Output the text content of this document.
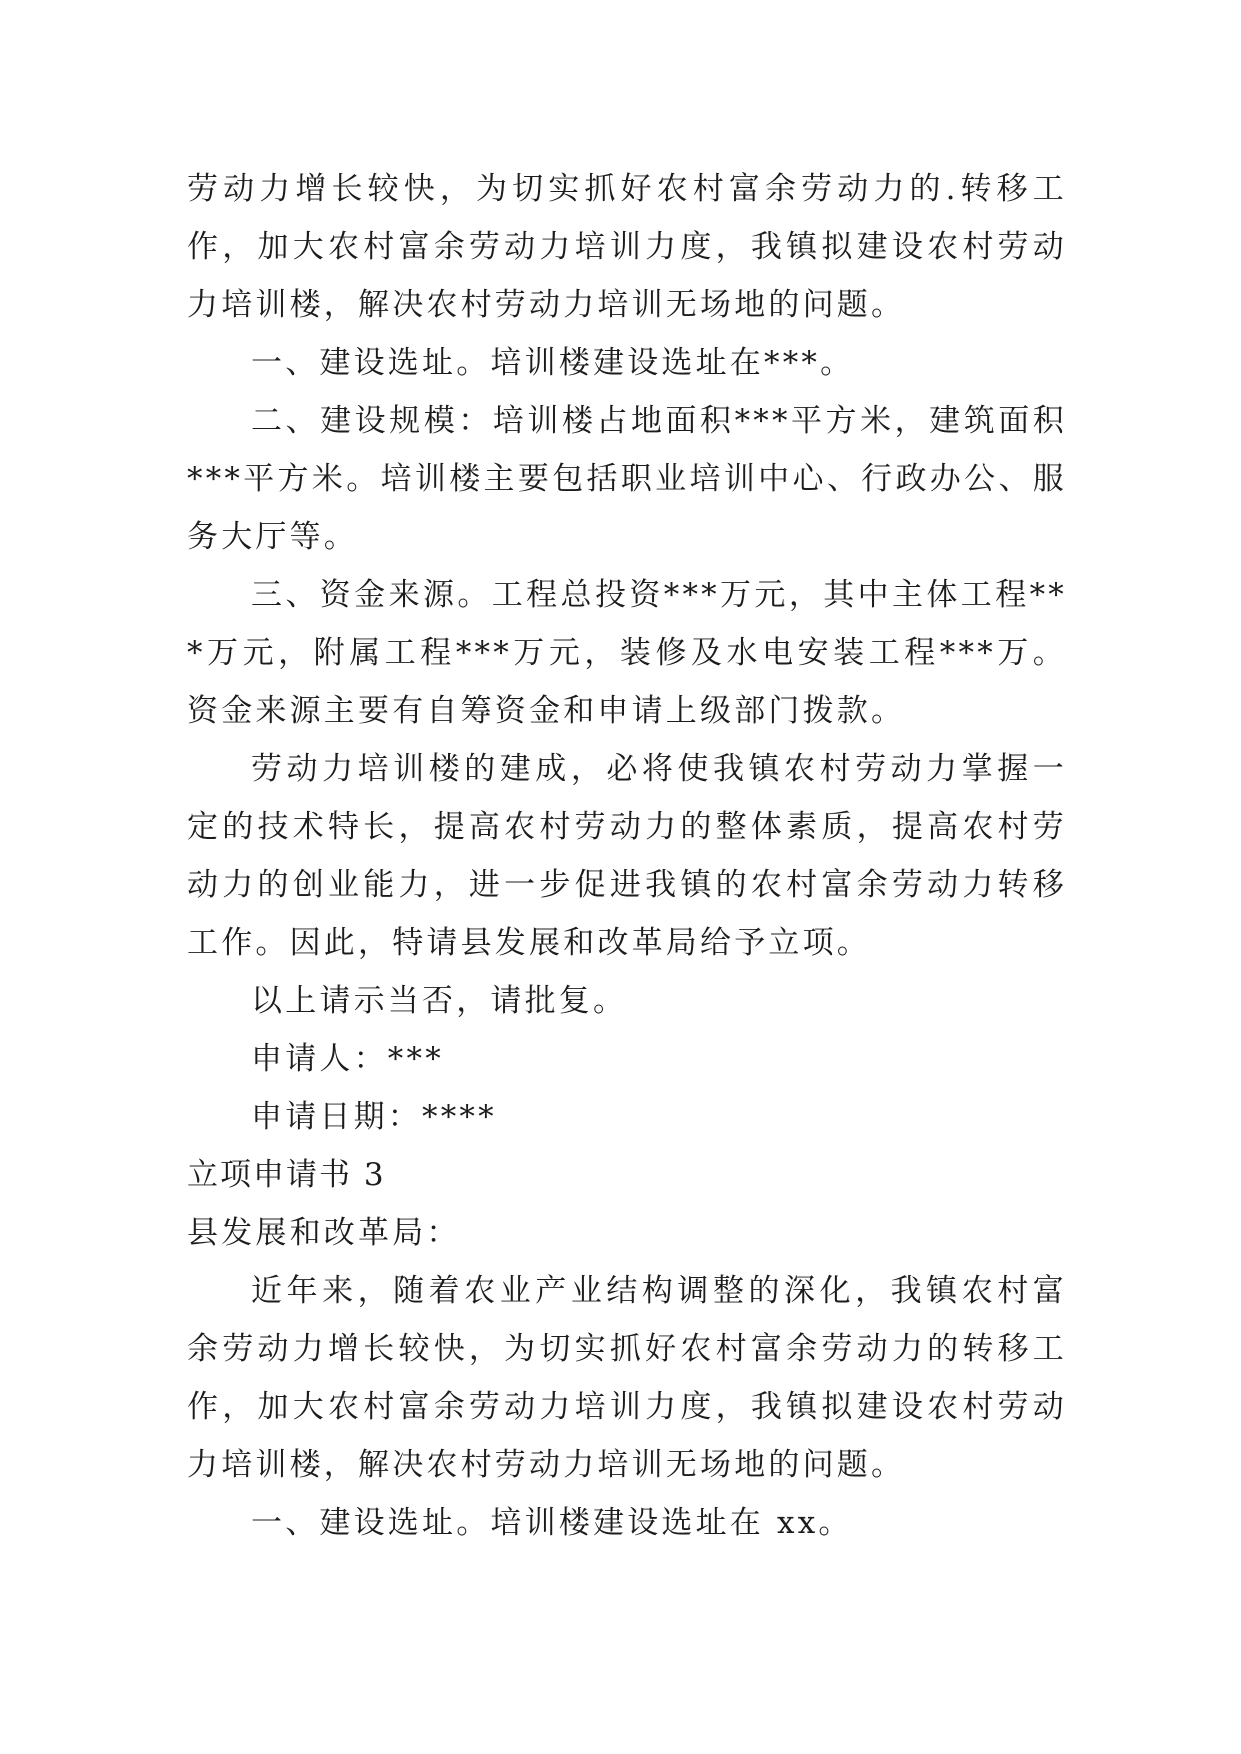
劳动力增长较快，为切实抓好农村富余劳动力的.转移工作，加大农村富余劳动力培训力度，我镇拟建设农村劳动力培训楼，解决农村劳动力培训无场地的问题。

一、建设选址。培训楼建设选址在***。

二、建设规模：培训楼占地面积***平方米，建筑面积***平方米。培训楼主要包括职业培训中心、行政办公、服务大厅等。

三、资金来源。工程总投资***万元，其中主体工程***万元，附属工程***万元，装修及水电安装工程***万。资金来源主要有自筹资金和申请上级部门拨款。

劳动力培训楼的建成，必将使我镇农村劳动力掌握一定的技术特长，提高农村劳动力的整体素质，提高农村劳动力的创业能力，进一步促进我镇的农村富余劳动力转移工作。因此，特请县发展和改革局给予立项。

以上请示当否，请批复。

申请人：***

申请日期：****

立项申请书 3

县发展和改革局：

近年来，随着农业产业结构调整的深化，我镇农村富余劳动力增长较快，为切实抓好农村富余劳动力的转移工作，加大农村富余劳动力培训力度，我镇拟建设农村劳动力培训楼，解决农村劳动力培训无场地的问题。

一、建设选址。培训楼建设选址在 xx。
